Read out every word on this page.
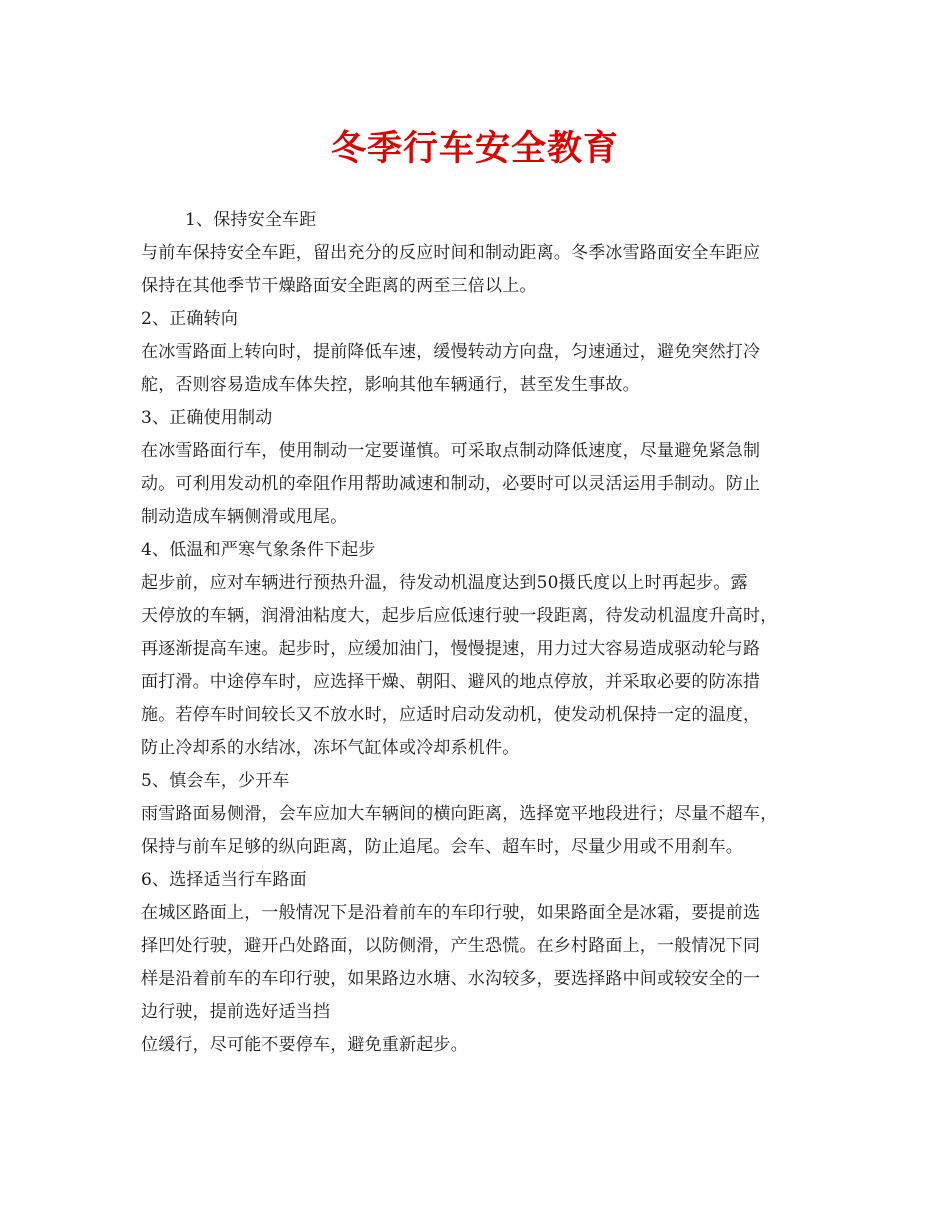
冬季行车安全教育

1、保持安全车距

与前车保持安全车距，留出充分的反应时间和制动距离。冬季冰雪路面安全车距应

保持在其他季节干燥路面安全距离的两至三倍以上。

2、正确转向

在冰雪路面上转向时，提前降低车速，缓慢转动方向盘，匀速通过，避免突然打冷

舵，否则容易造成车体失控，影响其他车辆通行，甚至发生事故。

3、正确使用制动

在冰雪路面行车，使用制动一定要谨慎。可采取点制动降低速度，尽量避免紧急制

动。可利用发动机的牵阻作用帮助减速和制动，必要时可以灵活运用手制动。防止

制动造成车辆侧滑或甩尾。

4、低温和严寒气象条件下起步

起步前，应对车辆进行预热升温，待发动机温度达到50摄氏度以上时再起步。露

天停放的车辆，润滑油粘度大，起步后应低速行驶一段距离，待发动机温度升高时，

再逐渐提高车速。起步时，应缓加油门，慢慢提速，用力过大容易造成驱动轮与路

面打滑。中途停车时，应选择干燥、朝阳、避风的地点停放，并采取必要的防冻措

施。若停车时间较长又不放水时，应适时启动发动机，使发动机保持一定的温度，

防止冷却系的水结冰，冻坏气缸体或冷却系机件。

5、慎会车，少开车

雨雪路面易侧滑，会车应加大车辆间的横向距离，选择宽平地段进行；尽量不超车，

保持与前车足够的纵向距离，防止追尾。会车、超车时，尽量少用或不用刹车。

6、选择适当行车路面

在城区路面上，一般情况下是沿着前车的车印行驶，如果路面全是冰霜，要提前选

择凹处行驶，避开凸处路面，以防侧滑，产生恐慌。在乡村路面上，一般情况下同

样是沿着前车的车印行驶，如果路边水塘、水沟较多，要选择路中间或较安全的一

边行驶，提前选好适当挡

位缓行，尽可能不要停车，避免重新起步。
